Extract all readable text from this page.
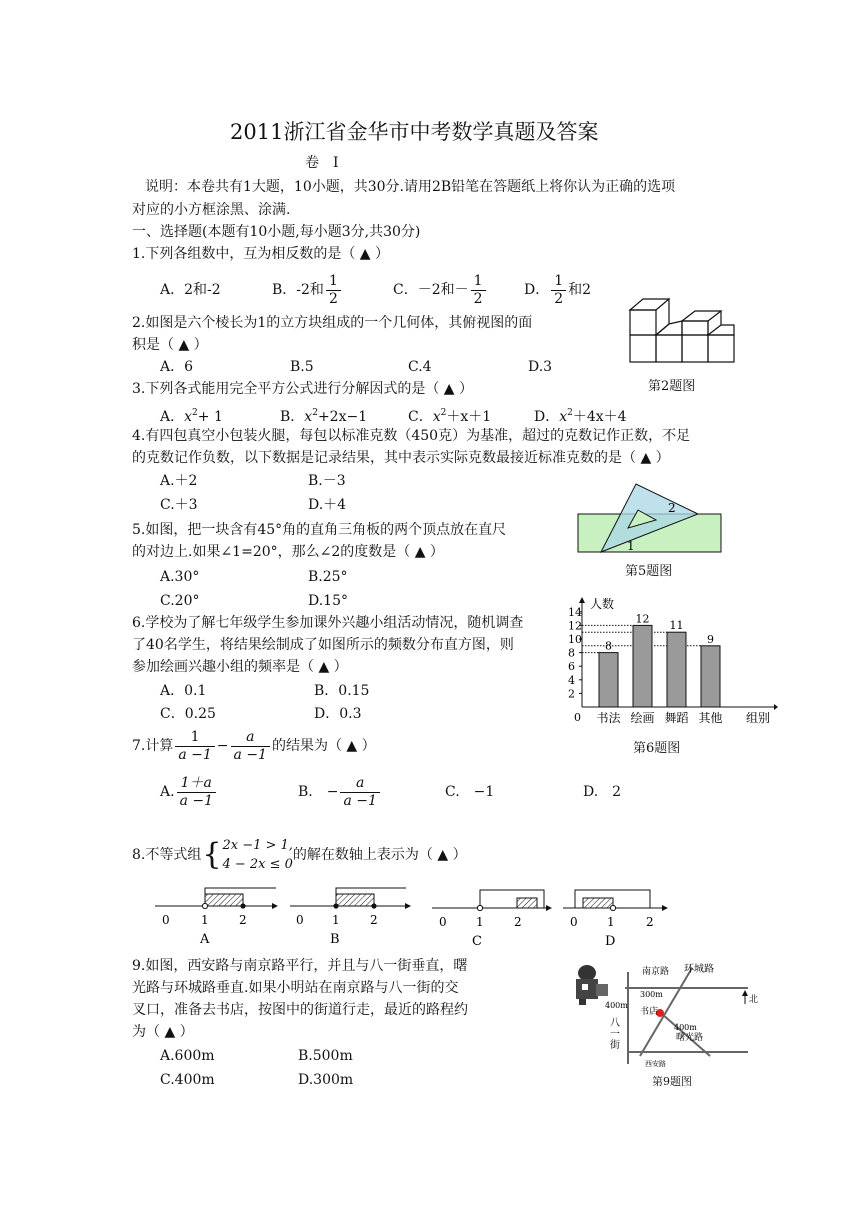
2011浙江省金华市中考数学真题及答案
卷　I
说明：本卷共有1大题，10小题，共30分.请用2B铅笔在答题纸上将你认为正确的选项
对应的小方框涂黑、涂满.
一、选择题(本题有10小题,每小题3分,共30分)
1.下列各组数中，互为相反数的是（ ▲ ）
A．2和-2	B．-2和 $\frac{1}{2}$	C．－2和－ $\frac{1}{2}$	D． $\frac{1}{2}$ 和2
2.如图是六个棱长为1的立方块组成的一个几何体，其俯视图的面
积是（ ▲ ）
A．6	B.5	C.4	D.3
第2题图
3.下列各式能用完全平方公式进行分解因式的是（ ▲ ）
A．$x^2+ 1$	B．$x^2+2x-1$	C．$x^2+x+1$	D．$x^2+4x+4$
4.有四包真空小包装火腿，每包以标准克数（450克）为基准，超过的克数记作正数，不足
的克数记作负数，以下数据是记录结果，其中表示实际克数最接近标准克数的是（ ▲ ）
A.＋2	B.－3
C.＋3	D.＋4
5.如图，把一块含有45°角的直角三角板的两个顶点放在直尺
的对边上.如果∠1=20°，那么∠2的度数是（ ▲ ）
A.30°	B.25°
C.20°	D.15°
2
1
第5题图
6.学校为了解七年级学生参加课外兴趣小组活动情况，随机调查
了40名学生，将结果绘制成了如图所示的频数分布直方图，则
参加绘画兴趣小组的频率是（ ▲ ）
A．0.1	B．0.15
C．0.25	D．0.3
人数
组别
0
2
4
6
8
10
12
14
书法 绘画 舞蹈 其他
8
12
11
9
第6题图
7.计算
1
a −1
− $\frac{a}{a -1}$ 的结果为（ ▲ ）
A.
1＋a
a −1
B.　− $\frac{a}{a -1}$	C.　−1	D.　2
8.不等式组 { 2x −1 > 1,
4 − 2x ≤ 0
的解在数轴上表示为（ ▲ ）
0	1	2
A
0 1	2
B
0 1	2
C
0 1	2
D
9.如图，西安路与南京路平行，并且与八一街垂直，曙
光路与环城路垂直.如果小明站在南京路与八一街的交
叉口，准备去书店，按图中的街道行走，最近的路程约
为（ ▲ ）
A.600m	B.500m
C.400m	D.300m
南京路 环城路
300m
400m
八
一
街
书店
400m
曙光路
西安路
北
第9题图
